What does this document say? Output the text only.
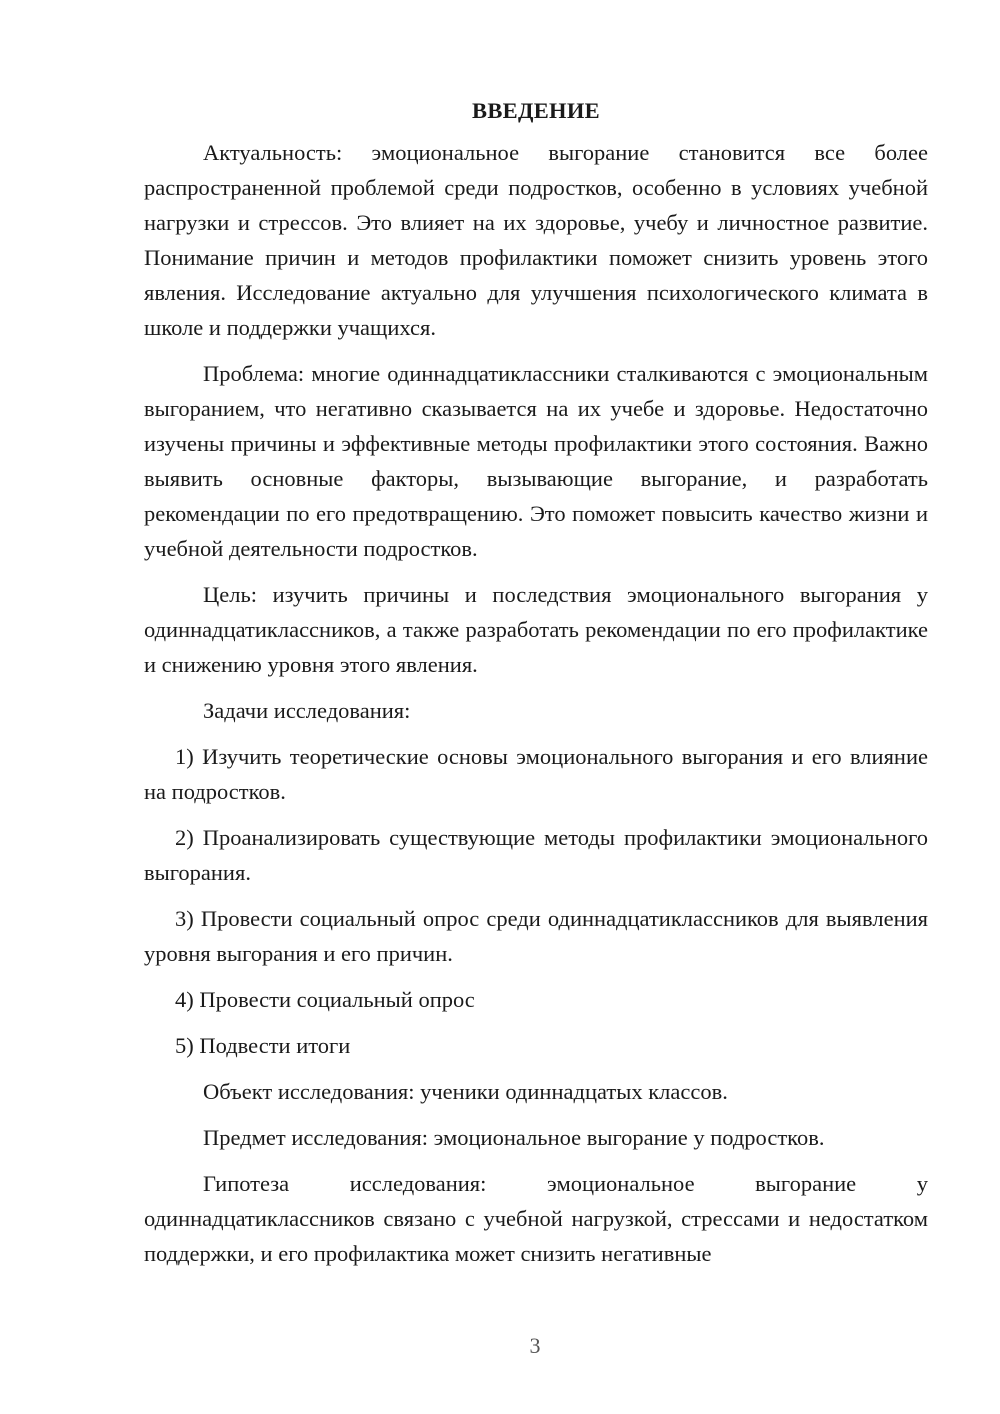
ВВЕДЕНИЕ

Актуальность: эмоциональное выгорание становится все более распространенной проблемой среди подростков, особенно в условиях учебной нагрузки и стрессов. Это влияет на их здоровье, учебу и личностное развитие. Понимание причин и методов профилактики поможет снизить уровень этого явления. Исследование актуально для улучшения психологического климата в школе и поддержки учащихся.

Проблема: многие одиннадцатиклассники сталкиваются с эмоциональным выгоранием, что негативно сказывается на их учебе и здоровье. Недостаточно изучены причины и эффективные методы профилактики этого состояния. Важно выявить основные факторы, вызывающие выгорание, и разработать рекомендации по его предотвращению. Это поможет повысить качество жизни и учебной деятельности подростков.

Цель: изучить причины и последствия эмоционального выгорания у одиннадцатиклассников, а также разработать рекомендации по его профилактике и снижению уровня этого явления.

Задачи исследования:

1) Изучить теоретические основы эмоционального выгорания и его влияние на подростков.

2) Проанализировать существующие методы профилактики эмоционального выгорания.

3) Провести социальный опрос среди одиннадцатиклассников для выявления уровня выгорания и его причин.

4) Провести социальный опрос

5) Подвести итоги

Объект исследования: ученики одиннадцатых классов.

Предмет исследования: эмоциональное выгорание у подростков.

Гипотеза исследования: эмоциональное выгорание у одиннадцатиклассников связано с учебной нагрузкой, стрессами и недостатком поддержки, и его профилактика может снизить негативные

3
